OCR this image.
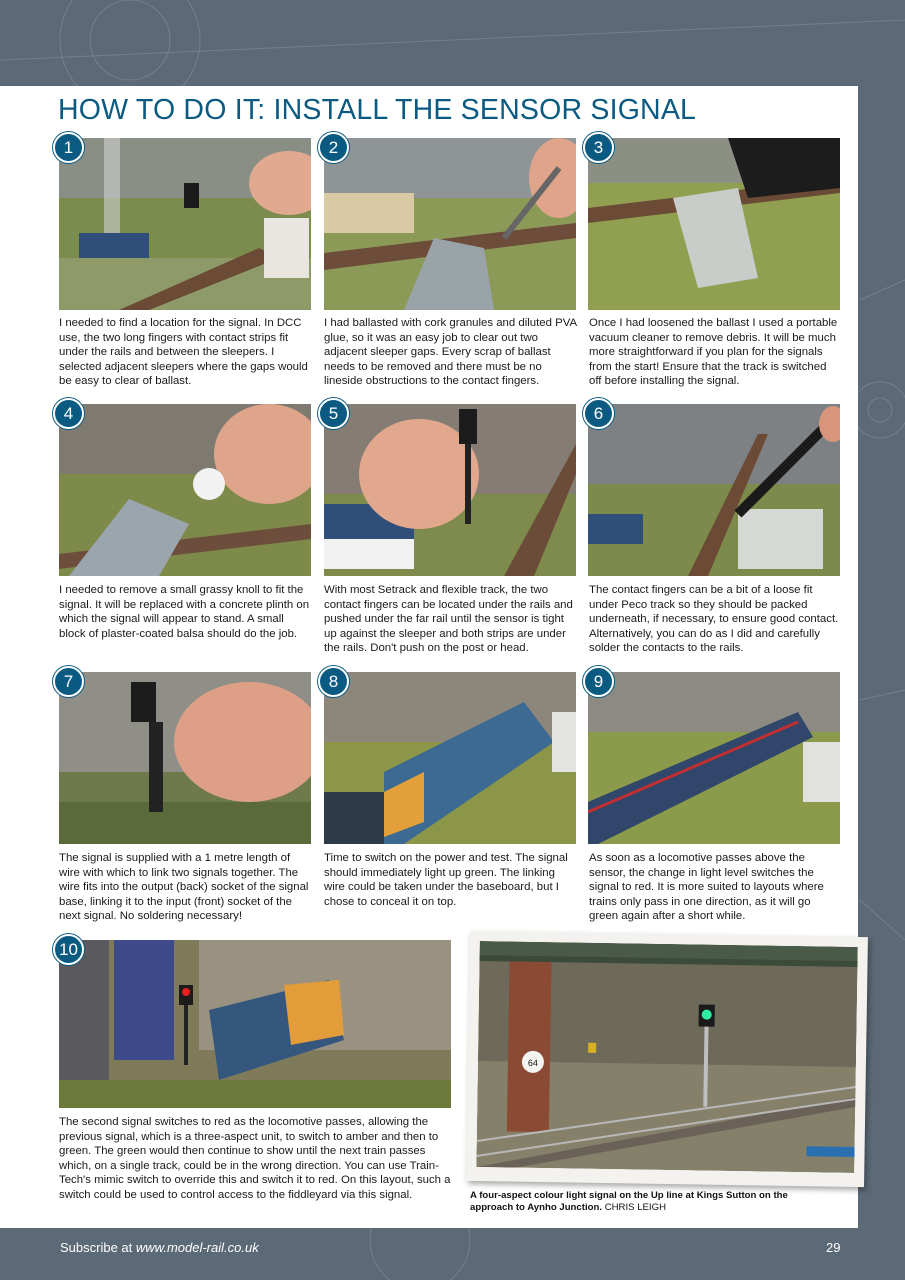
HOW TO DO IT: INSTALL THE SENSOR SIGNAL
1

I needed to find a location for the signal. In DCC use, the two long fingers with contact strips fit under the rails and between the sleepers. I selected adjacent sleepers where the gaps would be easy to clear of ballast.

2

I had ballasted with cork granules and diluted PVA glue, so it was an easy job to clear out two adjacent sleeper gaps. Every scrap of ballast needs to be removed and there must be no lineside obstructions to the contact fingers.

3

Once I had loosened the ballast I used a portable vacuum cleaner to remove debris. It will be much more straightforward if you plan for the signals from the start! Ensure that the track is switched off before installing the signal.

4

I needed to remove a small grassy knoll to fit the signal. It will be replaced with a concrete plinth on which the signal will appear to stand. A small block of plaster-coated balsa should do the job.

5

With most Setrack and flexible track, the two contact fingers can be located under the rails and pushed under the far rail until the sensor is tight up against the sleeper and both strips are under the rails. Don't push on the post or head.

6

The contact fingers can be a bit of a loose fit under Peco track so they should be packed underneath, if necessary, to ensure good contact. Alternatively, you can do as I did and carefully solder the contacts to the rails.

7

The signal is supplied with a 1 metre length of wire with which to link two signals together. The wire fits into the output (back) socket of the signal base, linking it to the input (front) socket of the next signal. No soldering necessary!

8

Time to switch on the power and test. The signal should immediately light up green. The linking wire could be taken under the baseboard, but I chose to conceal it on top.

9

As soon as a locomotive passes above the sensor, the change in light level switches the signal to red. It is more suited to layouts where trains only pass in one direction, as it will go green again after a short while.

10

The second signal switches to red as the locomotive passes, allowing the previous signal, which is a three-aspect unit, to switch to amber and then to green. The green would then continue to show until the next train passes which, on a single track, could be in the wrong direction. You can use Train-Tech's mimic switch to override this and switch it to red. On this layout, such a switch could be used to control access to the fiddleyard via this signal.

64

A four-aspect colour light signal on the Up line at Kings Sutton on the approach to Aynho Junction. CHRIS LEIGH

Subscribe at www.model-rail.co.uk	29
